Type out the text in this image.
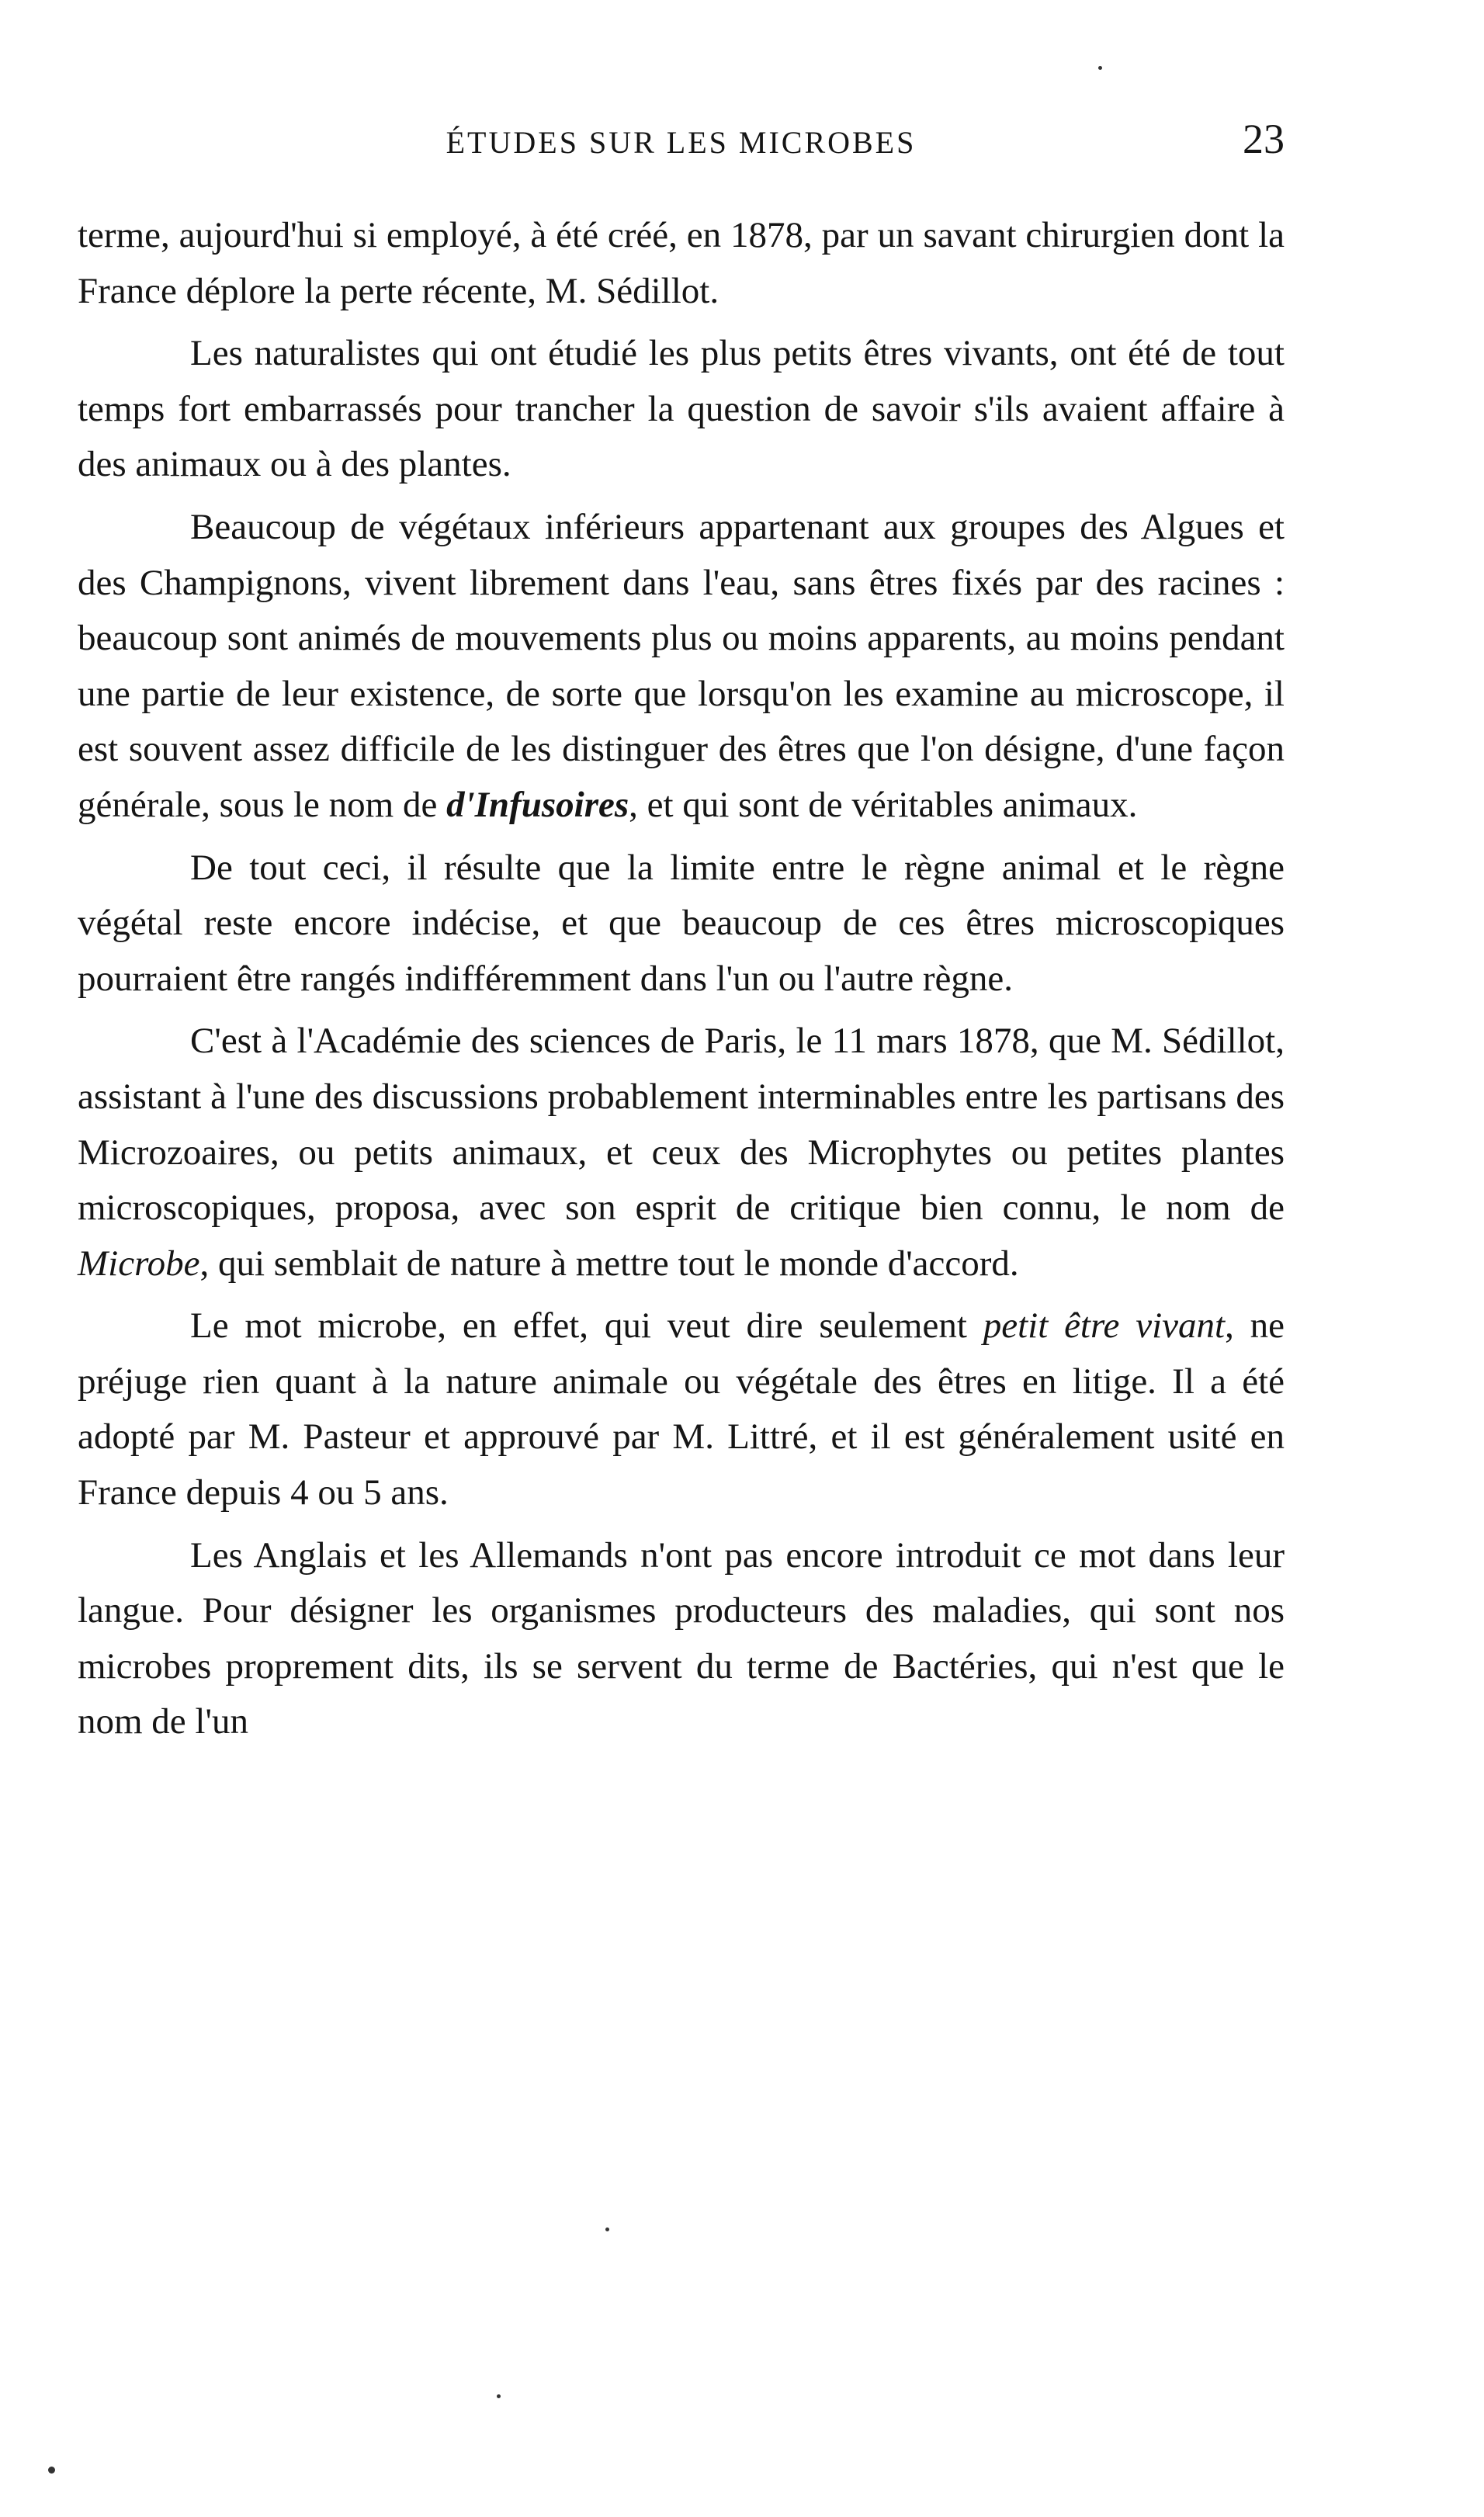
ÉTUDES SUR LES MICROBES	23

terme, aujourd'hui si employé, à été créé, en 1878, par un savant chirurgien dont la France déplore la perte récente, M. Sédillot.

Les naturalistes qui ont étudié les plus petits êtres vivants, ont été de tout temps fort embarrassés pour trancher la question de savoir s'ils avaient affaire à des animaux ou à des plantes.

Beaucoup de végétaux inférieurs appartenant aux groupes des Algues et des Champignons, vivent librement dans l'eau, sans êtres fixés par des racines : beaucoup sont animés de mouvements plus ou moins apparents, au moins pendant une partie de leur existence, de sorte que lorsqu'on les examine au microscope, il est souvent assez difficile de les distinguer des êtres que l'on désigne, d'une façon générale, sous le nom de d'Infusoires, et qui sont de véritables animaux.

De tout ceci, il résulte que la limite entre le règne animal et le règne végétal reste encore indécise, et que beaucoup de ces êtres microscopiques pourraient être rangés indifféremment dans l'un ou l'autre règne.

C'est à l'Académie des sciences de Paris, le 11 mars 1878, que M. Sédillot, assistant à l'une des discussions probablement interminables entre les partisans des Microzoaires, ou petits animaux, et ceux des Microphytes ou petites plantes microscopiques, proposa, avec son esprit de critique bien connu, le nom de Microbe, qui semblait de nature à mettre tout le monde d'accord.

Le mot microbe, en effet, qui veut dire seulement petit être vivant, ne préjuge rien quant à la nature animale ou végétale des êtres en litige. Il a été adopté par M. Pasteur et approuvé par M. Littré, et il est généralement usité en France depuis 4 ou 5 ans.

Les Anglais et les Allemands n'ont pas encore introduit ce mot dans leur langue. Pour désigner les organismes producteurs des maladies, qui sont nos microbes proprement dits, ils se servent du terme de Bactéries, qui n'est que le nom de l'un
